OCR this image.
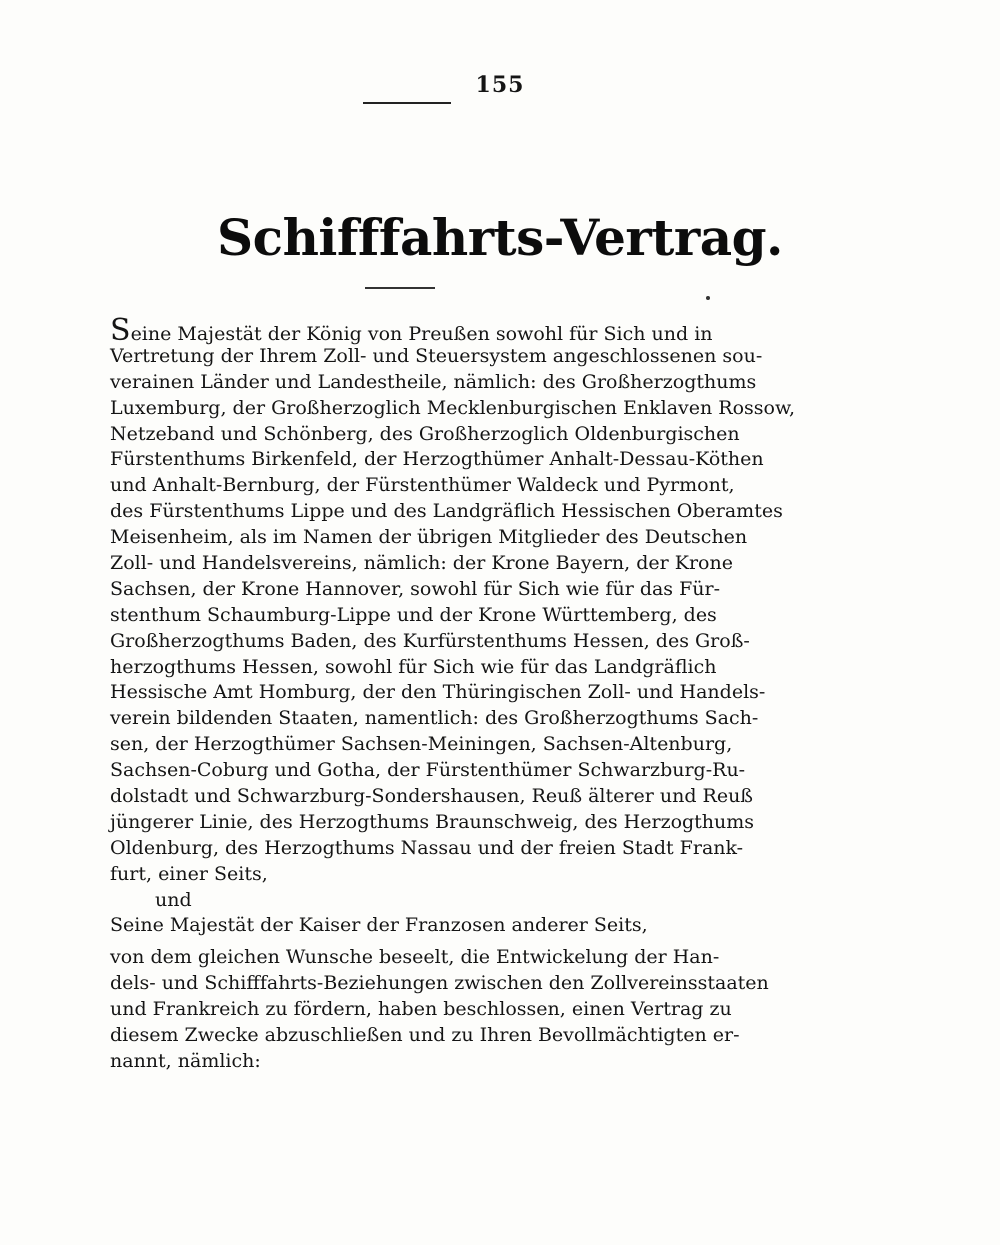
155
Schifffahrts-Vertrag.
Seine Majestät der König von Preußen sowohl für Sich und in
Vertretung der Ihrem Zoll- und Steuersystem angeschlossenen sou-
verainen Länder und Landestheile, nämlich: des Großherzogthums
Luxemburg, der Großherzoglich Mecklenburgischen Enklaven Rossow,
Netzeband und Schönberg, des Großherzoglich Oldenburgischen
Fürstenthums Birkenfeld, der Herzogthümer Anhalt-Dessau-Köthen
und Anhalt-Bernburg, der Fürstenthümer Waldeck und Pyrmont,
des Fürstenthums Lippe und des Landgräflich Hessischen Oberamtes
Meisenheim, als im Namen der übrigen Mitglieder des Deutschen
Zoll- und Handelsvereins, nämlich: der Krone Bayern, der Krone
Sachsen, der Krone Hannover, sowohl für Sich wie für das Für-
stenthum Schaumburg-Lippe und der Krone Württemberg, des
Großherzogthums Baden, des Kurfürstenthums Hessen, des Groß-
herzogthums Hessen, sowohl für Sich wie für das Landgräflich
Hessische Amt Homburg, der den Thüringischen Zoll- und Handels-
verein bildenden Staaten, namentlich: des Großherzogthums Sach-
sen, der Herzogthümer Sachsen-Meiningen, Sachsen-Altenburg,
Sachsen-Coburg und Gotha, der Fürstenthümer Schwarzburg-Ru-
dolstadt und Schwarzburg-Sondershausen, Reuß älterer und Reuß
jüngerer Linie, des Herzogthums Braunschweig, des Herzogthums
Oldenburg, des Herzogthums Nassau und der freien Stadt Frank-
furt, einer Seits,
und
Seine Majestät der Kaiser der Franzosen anderer Seits,
von dem gleichen Wunsche beseelt, die Entwickelung der Han-
dels- und Schifffahrts-Beziehungen zwischen den Zollvereinsstaaten
und Frankreich zu fördern, haben beschlossen, einen Vertrag zu
diesem Zwecke abzuschließen und zu Ihren Bevollmächtigten er-
nannt, nämlich:
